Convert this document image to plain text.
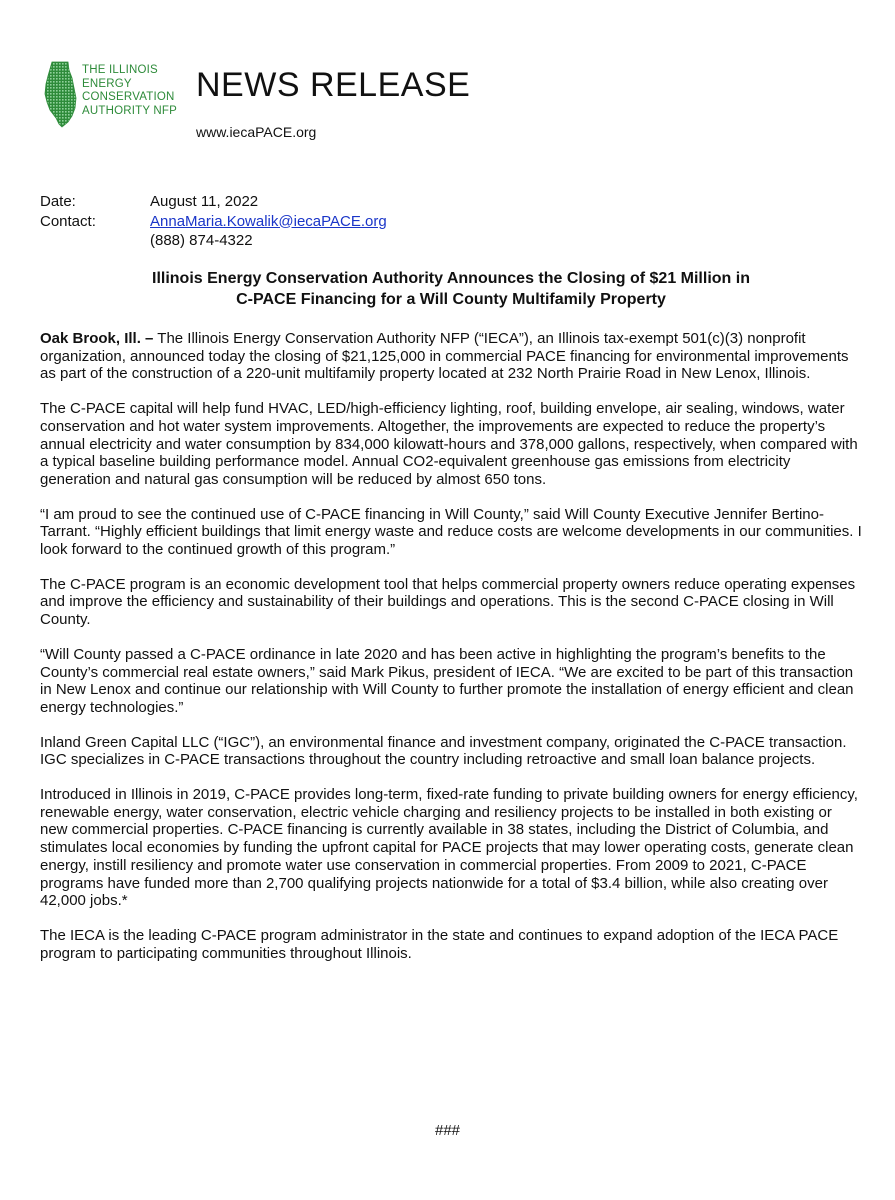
THE ILLINOIS
ENERGY
CONSERVATION
AUTHORITY NFP
NEWS RELEASE
www.iecaPACE.org
Date:	August 11, 2022
Contact:	AnnaMaria.Kowalik@iecaPACE.org
(888) 874-4322
Illinois Energy Conservation Authority Announces the Closing of $21 Million in
C-PACE Financing for a Will County Multifamily Property

Oak Brook, Ill. – The Illinois Energy Conservation Authority NFP (“IECA”), an Illinois tax-exempt 501(c)(3) nonprofit organization, announced today the closing of $21,125,000 in commercial PACE financing for environmental improvements as part of the construction of a 220-unit multifamily property located at 232 North Prairie Road in New Lenox, Illinois.

The C-PACE capital will help fund HVAC, LED/high-efficiency lighting, roof, building envelope, air sealing, windows, water conservation and hot water system improvements. Altogether, the improvements are expected to reduce the property’s annual electricity and water consumption by 834,000 kilowatt-hours and 378,000 gallons, respectively, when compared with a typical baseline building performance model. Annual CO2-equivalent greenhouse gas emissions from electricity generation and natural gas consumption will be reduced by almost 650 tons.

“I am proud to see the continued use of C-PACE financing in Will County,” said Will County Executive Jennifer Bertino-Tarrant. “Highly efficient buildings that limit energy waste and reduce costs are welcome developments in our communities. I look forward to the continued growth of this program.”

The C-PACE program is an economic development tool that helps commercial property owners reduce operating expenses and improve the efficiency and sustainability of their buildings and operations. This is the second C-PACE closing in Will County.

“Will County passed a C-PACE ordinance in late 2020 and has been active in highlighting the program’s benefits to the County’s commercial real estate owners,” said Mark Pikus, president of IECA. “We are excited to be part of this transaction in New Lenox and continue our relationship with Will County to further promote the installation of energy efficient and clean energy technologies.”

Inland Green Capital LLC (“IGC”), an environmental finance and investment company, originated the C-PACE transaction. IGC specializes in C-PACE transactions throughout the country including retroactive and small loan balance projects.

Introduced in Illinois in 2019, C-PACE provides long-term, fixed-rate funding to private building owners for energy efficiency, renewable energy, water conservation, electric vehicle charging and resiliency projects to be installed in both existing or new commercial properties. C-PACE financing is currently available in 38 states, including the District of Columbia, and stimulates local economies by funding the upfront capital for PACE projects that may lower operating costs, generate clean energy, instill resiliency and promote water use conservation in commercial properties. From 2009 to 2021, C-PACE programs have funded more than 2,700 qualifying projects nationwide for a total of $3.4 billion, while also creating over 42,000 jobs.*

The IECA is the leading C-PACE program administrator in the state and continues to expand adoption of the IECA PACE program to participating communities throughout Illinois.

###
